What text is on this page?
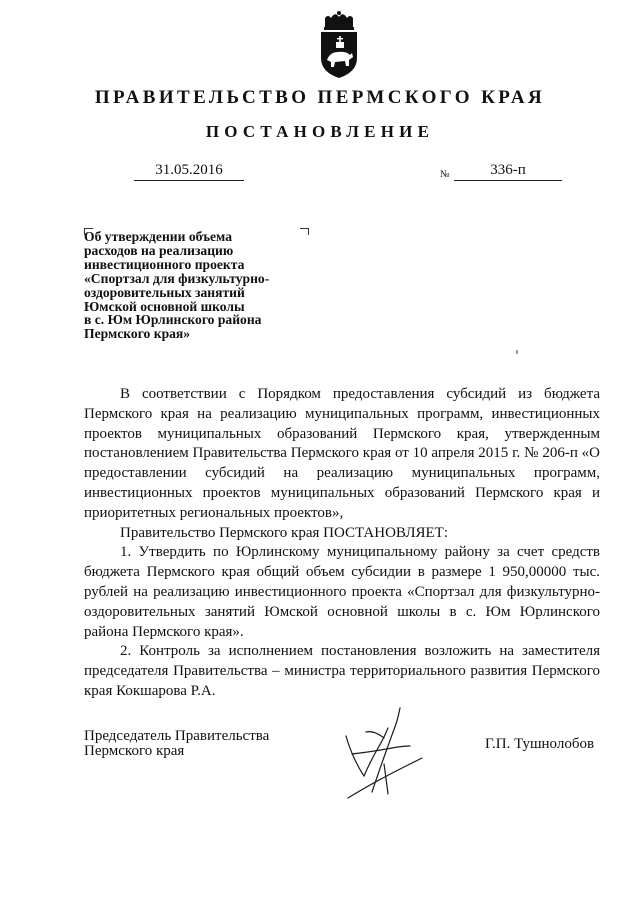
ПРАВИТЕЛЬСТВО ПЕРМСКОГО КРАЯ
ПОСТАНОВЛЕНИЕ
31.05.2016	№	336-п
Об утверждении объема
расходов на реализацию
инвестиционного проекта
«Спортзал для физкультурно-
оздоровительных занятий
Юмской основной школы
в с. Юм Юрлинского района
Пермского края»

В соответствии с Порядком предоставления субсидий из бюджета Пермского края на реализацию муниципальных программ, инвестиционных проектов муниципальных образований Пермского края, утвержденным постановлением Правительства Пермского края от 10 апреля 2015 г. № 206-п «О предоставлении субсидий на реализацию муниципальных программ, инвестиционных проектов муниципальных образований Пермского края и приоритетных региональных проектов»,

Правительство Пермского края ПОСТАНОВЛЯЕТ:

1. Утвердить по Юрлинскому муниципальному району за счет средств бюджета Пермского края общий объем субсидии в размере 1 950,00000 тыс. рублей на реализацию инвестиционного проекта «Спортзал для физкультурно-оздоровительных занятий Юмской основной школы в с. Юм Юрлинского района Пермского края».

2. Контроль за исполнением постановления возложить на заместителя председателя Правительства – министра территориального развития Пермского края Кокшарова Р.А.

Председатель Правительства
Пермского края	Г.П. Тушнолобов
